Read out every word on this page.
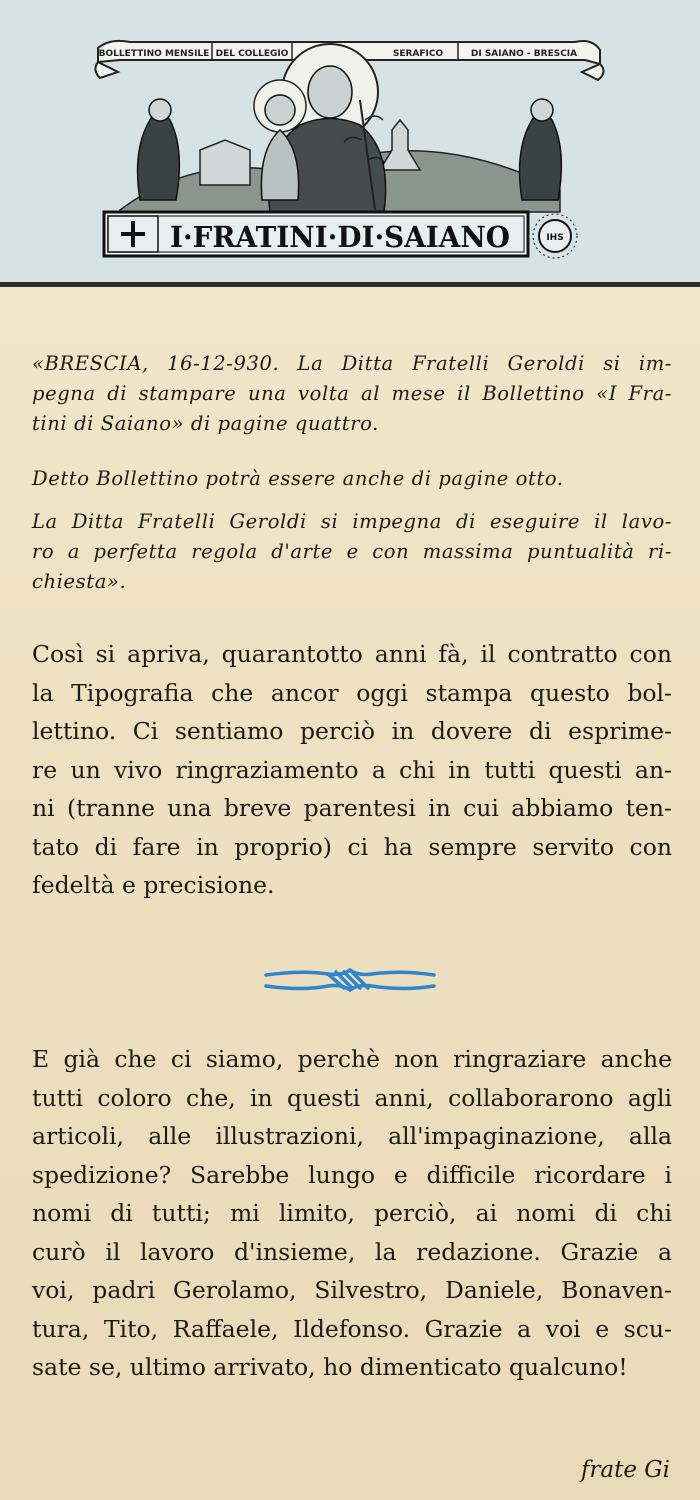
BOLLETTINO MENSILE DEL COLLEGIO	SERAFICO	DI SAIANO - BRESCIA
I·FRATINI·DI·SAIANO	IHS

«BRESCIA, 16-12-930. La Ditta Fratelli Geroldi si im-
pegna di stampare una volta al mese il Bollettino «I Fra-
tini di Saiano» di pagine quattro.

Detto Bollettino potrà essere anche di pagine otto.

La Ditta Fratelli Geroldi si impegna di eseguire il lavo-
ro a perfetta regola d'arte e con massima puntualità ri-
chiesta».

Così si apriva, quarantotto anni fà, il contratto con
la Tipografia che ancor oggi stampa questo bol-
lettino. Ci sentiamo perciò in dovere di esprime-
re un vivo ringraziamento a chi in tutti questi an-
ni (tranne una breve parentesi in cui abbiamo ten-
tato di fare in proprio) ci ha sempre servito con
fedeltà e precisione.

E già che ci siamo, perchè non ringraziare anche
tutti coloro che, in questi anni, collaborarono agli
articoli, alle illustrazioni, all'impaginazione, alla
spedizione? Sarebbe lungo e difficile ricordare i
nomi di tutti; mi limito, perciò, ai nomi di chi
curò il lavoro d'insieme, la redazione. Grazie a
voi, padri Gerolamo, Silvestro, Daniele, Bonaven-
tura, Tito, Raffaele, Ildefonso. Grazie a voi e scu-
sate se, ultimo arrivato, ho dimenticato qualcuno!

frate Gi
